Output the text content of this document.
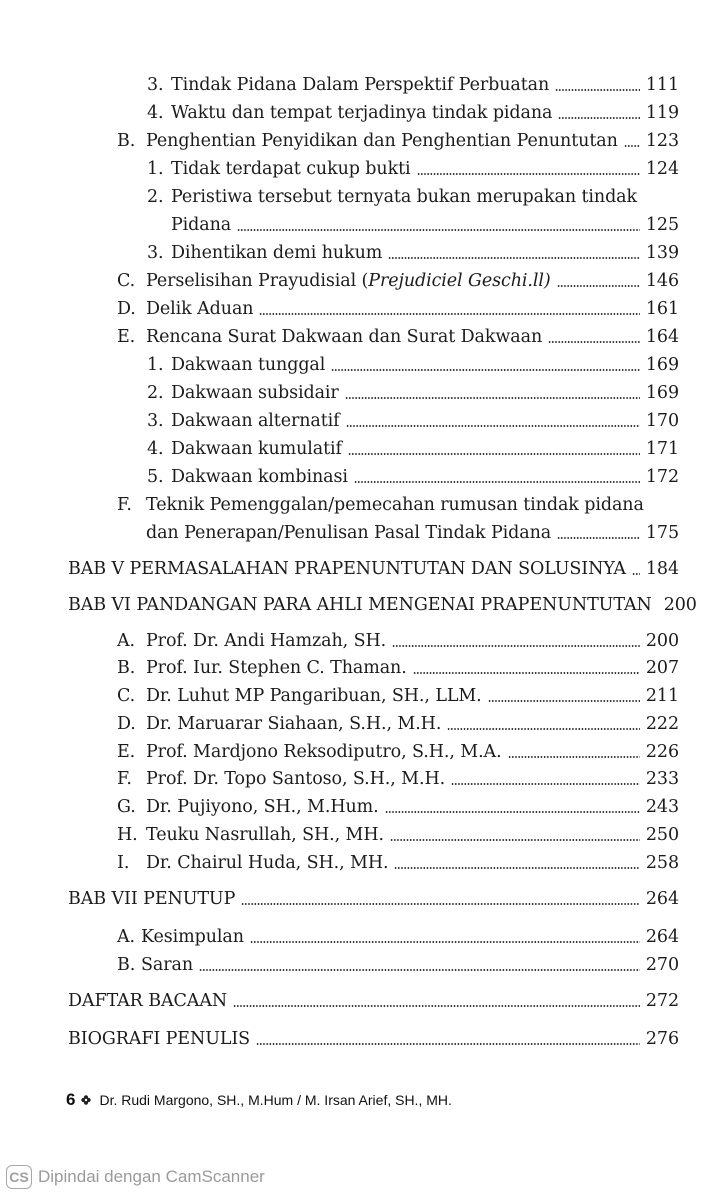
3. Tindak Pidana Dalam Perspektif Perbuatan	111
4. Waktu dan tempat terjadinya tindak pidana	119
B. Penghentian Penyidikan dan Penghentian Penuntutan 123
1. Tidak terdapat cukup bukti	124
2. Peristiwa tersebut ternyata bukan merupakan tindak
Pidana	125
3. Dihentikan demi hukum	139
C. Perselisihan Prayudisial (Prejudiciel Geschi.ll)	146
D. Delik Aduan	161
E. Rencana Surat Dakwaan dan Surat Dakwaan	164
1. Dakwaan tunggal	169
2. Dakwaan subsidair	169
3. Dakwaan alternatif	170
4. Dakwaan kumulatif	171
5. Dakwaan kombinasi	172
F. Teknik Pemenggalan/pemecahan rumusan tindak pidana
dan Penerapan/Penulisan Pasal Tindak Pidana	175
BAB V PERMASALAHAN PRAPENUNTUTAN DAN SOLUSINYA 184
BAB VI PANDANGAN PARA AHLI MENGENAI PRAPENUNTUTAN 200
A. Prof. Dr. Andi Hamzah, SH.	200
B. Prof. Iur. Stephen C. Thaman.	207
C. Dr. Luhut MP Pangaribuan, SH., LLM.	211
D. Dr. Maruarar Siahaan, S.H., M.H.	222
E. Prof. Mardjono Reksodiputro, S.H., M.A.	226
F. Prof. Dr. Topo Santoso, S.H., M.H.	233
G. Dr. Pujiyono, SH., M.Hum.	243
H. Teuku Nasrullah, SH., MH.	250
I. Dr. Chairul Huda, SH., MH.	258
BAB VII PENUTUP	264
A. Kesimpulan	264
B. Saran	270
DAFTAR BACAAN	272
BIOGRAFI PENULIS	276
6 Dr. Rudi Margono, SH., M.Hum / M. Irsan Arief, SH., MH.
CS Dipindai dengan CamScanner
